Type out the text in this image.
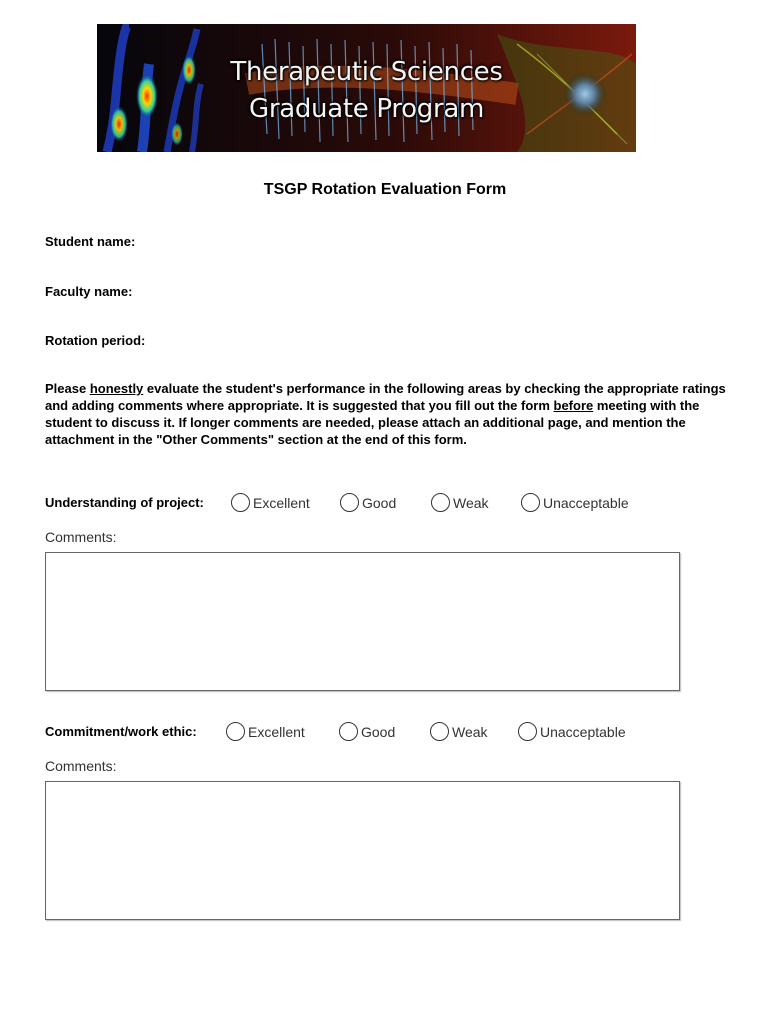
Therapeutic Sciences
Graduate Program
TSGP Rotation Evaluation Form
Student name:
Faculty name:
Rotation period:
Please honestly evaluate the student's performance in the following areas by checking the appropriate ratings and adding comments where appropriate. It is suggested that you fill out the form before meeting with the student to discuss it. If longer comments are needed, please attach an additional page, and mention the attachment in the "Other Comments" section at the end of this form.
Understanding of project:	Excellent	Good	Weak	Unacceptable
Comments:
Commitment/work ethic:	Excellent	Good	Weak	Unacceptable
Comments:
